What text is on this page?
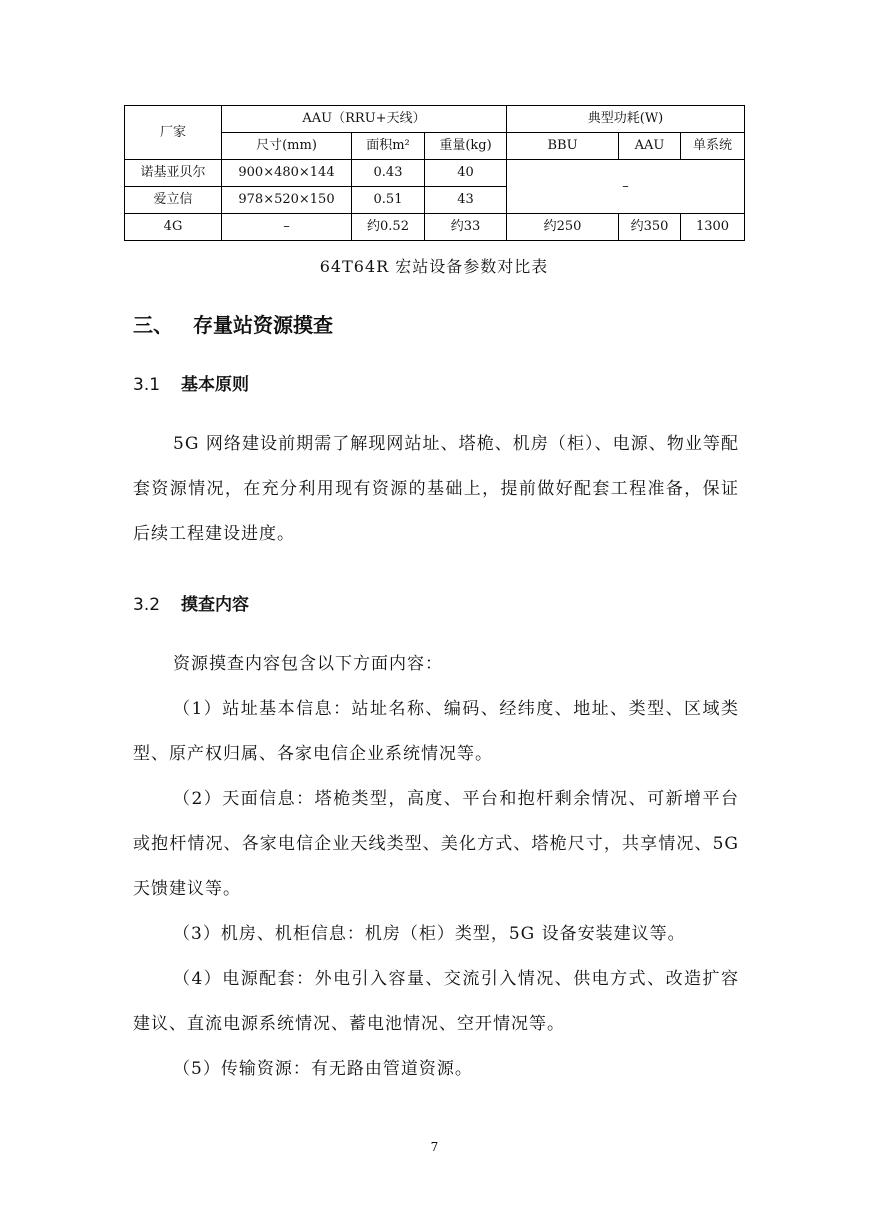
厂家	AAU（RRU+天线）			典型功耗(W)		
	尺寸(mm)	面积m²	重量(kg)	BBU	AAU	单系统
诺基亚贝尔	900×480×144	0.43	40	–		
爱立信	978×520×150	0.51	43			
4G	–	约0.52	约33	约250	约350	1300
64T64R 宏站设备参数对比表
三、 存量站资源摸查
3.1 基本原则

5G 网络建设前期需了解现网站址、塔桅、机房（柜）、电源、物业等配套资源情况，在充分利用现有资源的基础上，提前做好配套工程准备，保证后续工程建设进度。

3.2 摸查内容

资源摸查内容包含以下方面内容：

（1）站址基本信息：站址名称、编码、经纬度、地址、类型、区域类型、原产权归属、各家电信企业系统情况等。

（2）天面信息：塔桅类型，高度、平台和抱杆剩余情况、可新增平台或抱杆情况、各家电信企业天线类型、美化方式、塔桅尺寸，共享情况、5G 天馈建议等。

（3）机房、机柜信息：机房（柜）类型，5G 设备安装建议等。

（4）电源配套：外电引入容量、交流引入情况、供电方式、改造扩容建议、直流电源系统情况、蓄电池情况、空开情况等。

（5）传输资源：有无路由管道资源。

7
